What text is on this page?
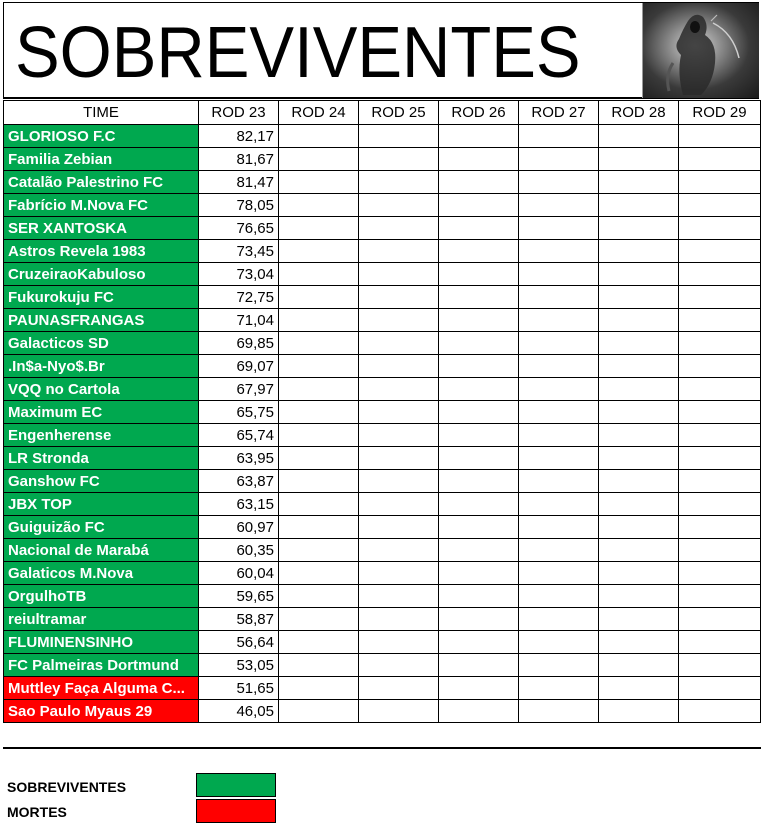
SOBREVIVENTES
TIME	ROD 23	ROD 24	ROD 25	ROD 26	ROD 27	ROD 28	ROD 29
GLORIOSO F.C	82,17						
Familia Zebian	81,67						
Catalão Palestrino FC	81,47						
Fabrício M.Nova FC	78,05						
SER XANTOSKA	76,65						
Astros Revela 1983	73,45						
CruzeiraoKabuloso	73,04						
Fukurokuju FC	72,75						
PAUNASFRANGAS	71,04						
Galacticos SD	69,85						
.In$a-Nyo$.Br	69,07						
VQQ no Cartola	67,97						
Maximum EC	65,75						
Engenherense	65,74						
LR Stronda	63,95						
Ganshow FC	63,87						
JBX TOP	63,15						
Guiguizão FC	60,97						
Nacional de Marabá	60,35						
Galaticos M.Nova	60,04						
OrgulhoTB	59,65						
reiultramar	58,87						
FLUMINENSINHO	56,64						
FC Palmeiras Dortmund	53,05						
Muttley Faça Alguma C...	51,65						
Sao Paulo Myaus 29	46,05						
SOBREVIVENTES
MORTES
